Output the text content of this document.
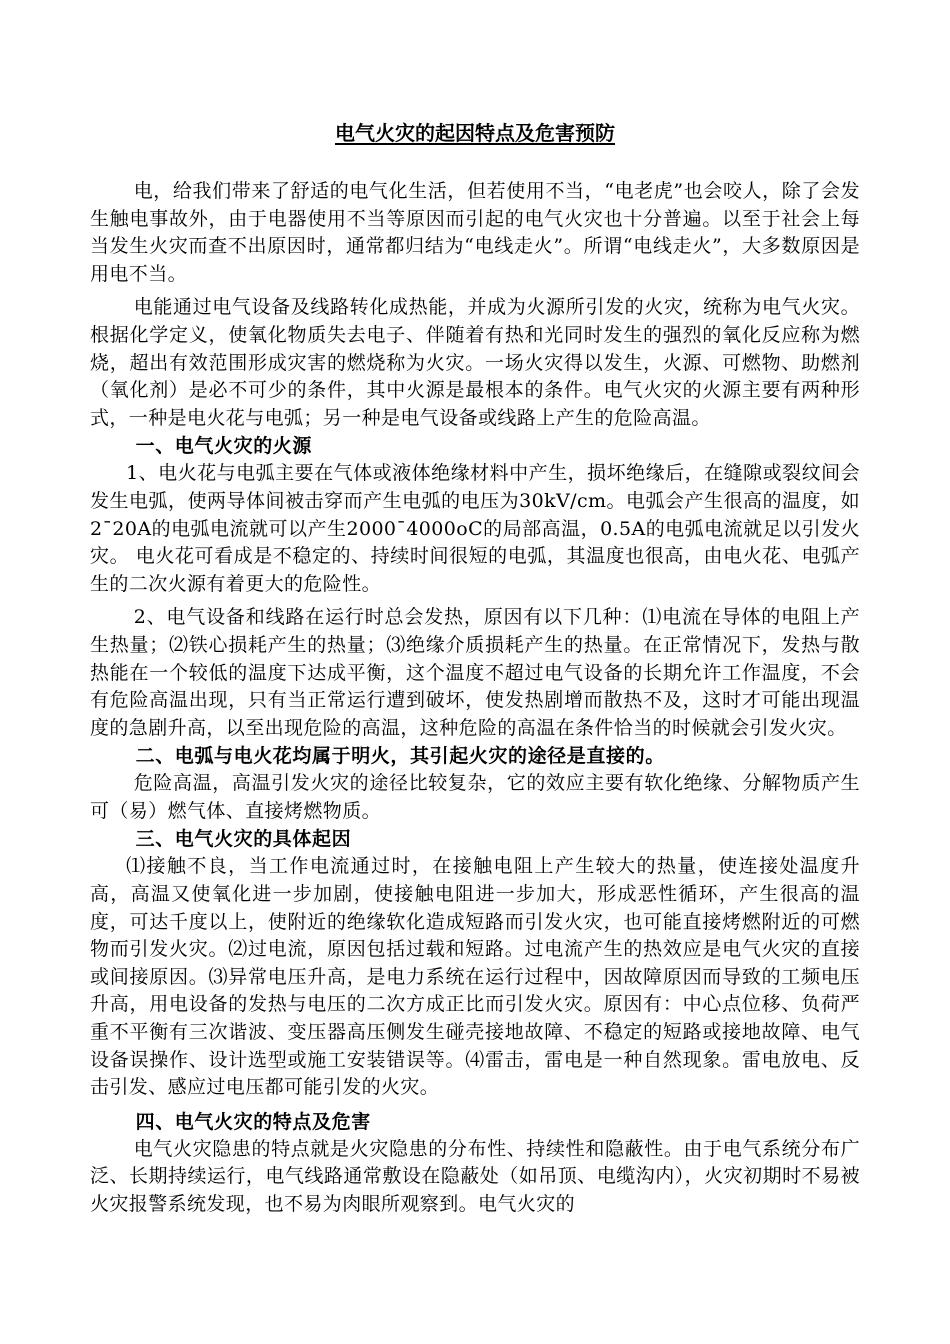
电气火灾的起因特点及危害预防

电，给我们带来了舒适的电气化生活，但若使用不当，“电老虎”也会咬人，除了会发生触电事故外，由于电器使用不当等原因而引起的电气火灾也十分普遍。以至于社会上每当发生火灾而查不出原因时，通常都归结为“电线走火”。所谓“电线走火”，大多数原因是用电不当。

电能通过电气设备及线路转化成热能，并成为火源所引发的火灾，统称为电气火灾。根据化学定义，使氧化物质失去电子、伴随着有热和光同时发生的强烈的氧化反应称为燃烧，超出有效范围形成灾害的燃烧称为火灾。一场火灾得以发生，火源、可燃物、助燃剂（氧化剂）是必不可少的条件，其中火源是最根本的条件。电气火灾的火源主要有两种形式，一种是电火花与电弧；另一种是电气设备或线路上产生的危险高温。

一、电气火灾的火源

1、电火花与电弧主要在气体或液体绝缘材料中产生，损坏绝缘后，在缝隙或裂纹间会发生电弧，使两导体间被击穿而产生电弧的电压为30kV/cm。电弧会产生很高的温度，如2¯20A的电弧电流就可以产生2000¯4000oC的局部高温，0.5A的电弧电流就足以引发火灾。 电火花可看成是不稳定的、持续时间很短的电弧，其温度也很高，由电火花、电弧产生的二次火源有着更大的危险性。

2、电气设备和线路在运行时总会发热，原因有以下几种：⑴电流在导体的电阻上产生热量；⑵铁心损耗产生的热量；⑶绝缘介质损耗产生的热量。在正常情况下，发热与散热能在一个较低的温度下达成平衡，这个温度不超过电气设备的长期允许工作温度，不会有危险高温出现，只有当正常运行遭到破坏，使发热剧增而散热不及，这时才可能出现温度的急剧升高，以至出现危险的高温，这种危险的高温在条件恰当的时候就会引发火灾。

二、电弧与电火花均属于明火，其引起火灾的途径是直接的。

危险高温，高温引发火灾的途径比较复杂，它的效应主要有软化绝缘、分解物质产生可（易）燃气体、直接烤燃物质。

三、电气火灾的具体起因

⑴接触不良，当工作电流通过时，在接触电阻上产生较大的热量，使连接处温度升高，高温又使氧化进一步加剧，使接触电阻进一步加大，形成恶性循环，产生很高的温度，可达千度以上，使附近的绝缘软化造成短路而引发火灾，也可能直接烤燃附近的可燃物而引发火灾。⑵过电流，原因包括过载和短路。过电流产生的热效应是电气火灾的直接或间接原因。⑶异常电压升高，是电力系统在运行过程中，因故障原因而导致的工频电压升高，用电设备的发热与电压的二次方成正比而引发火灾。原因有：中心点位移、负荷严重不平衡有三次谐波、变压器高压侧发生碰壳接地故障、不稳定的短路或接地故障、电气设备误操作、设计选型或施工安装错误等。⑷雷击，雷电是一种自然现象。雷电放电、反击引发、感应过电压都可能引发的火灾。

四、电气火灾的特点及危害

电气火灾隐患的特点就是火灾隐患的分布性、持续性和隐蔽性。由于电气系统分布广泛、长期持续运行，电气线路通常敷设在隐蔽处（如吊顶、电缆沟内），火灾初期时不易被火灾报警系统发现，也不易为肉眼所观察到。电气火灾的
